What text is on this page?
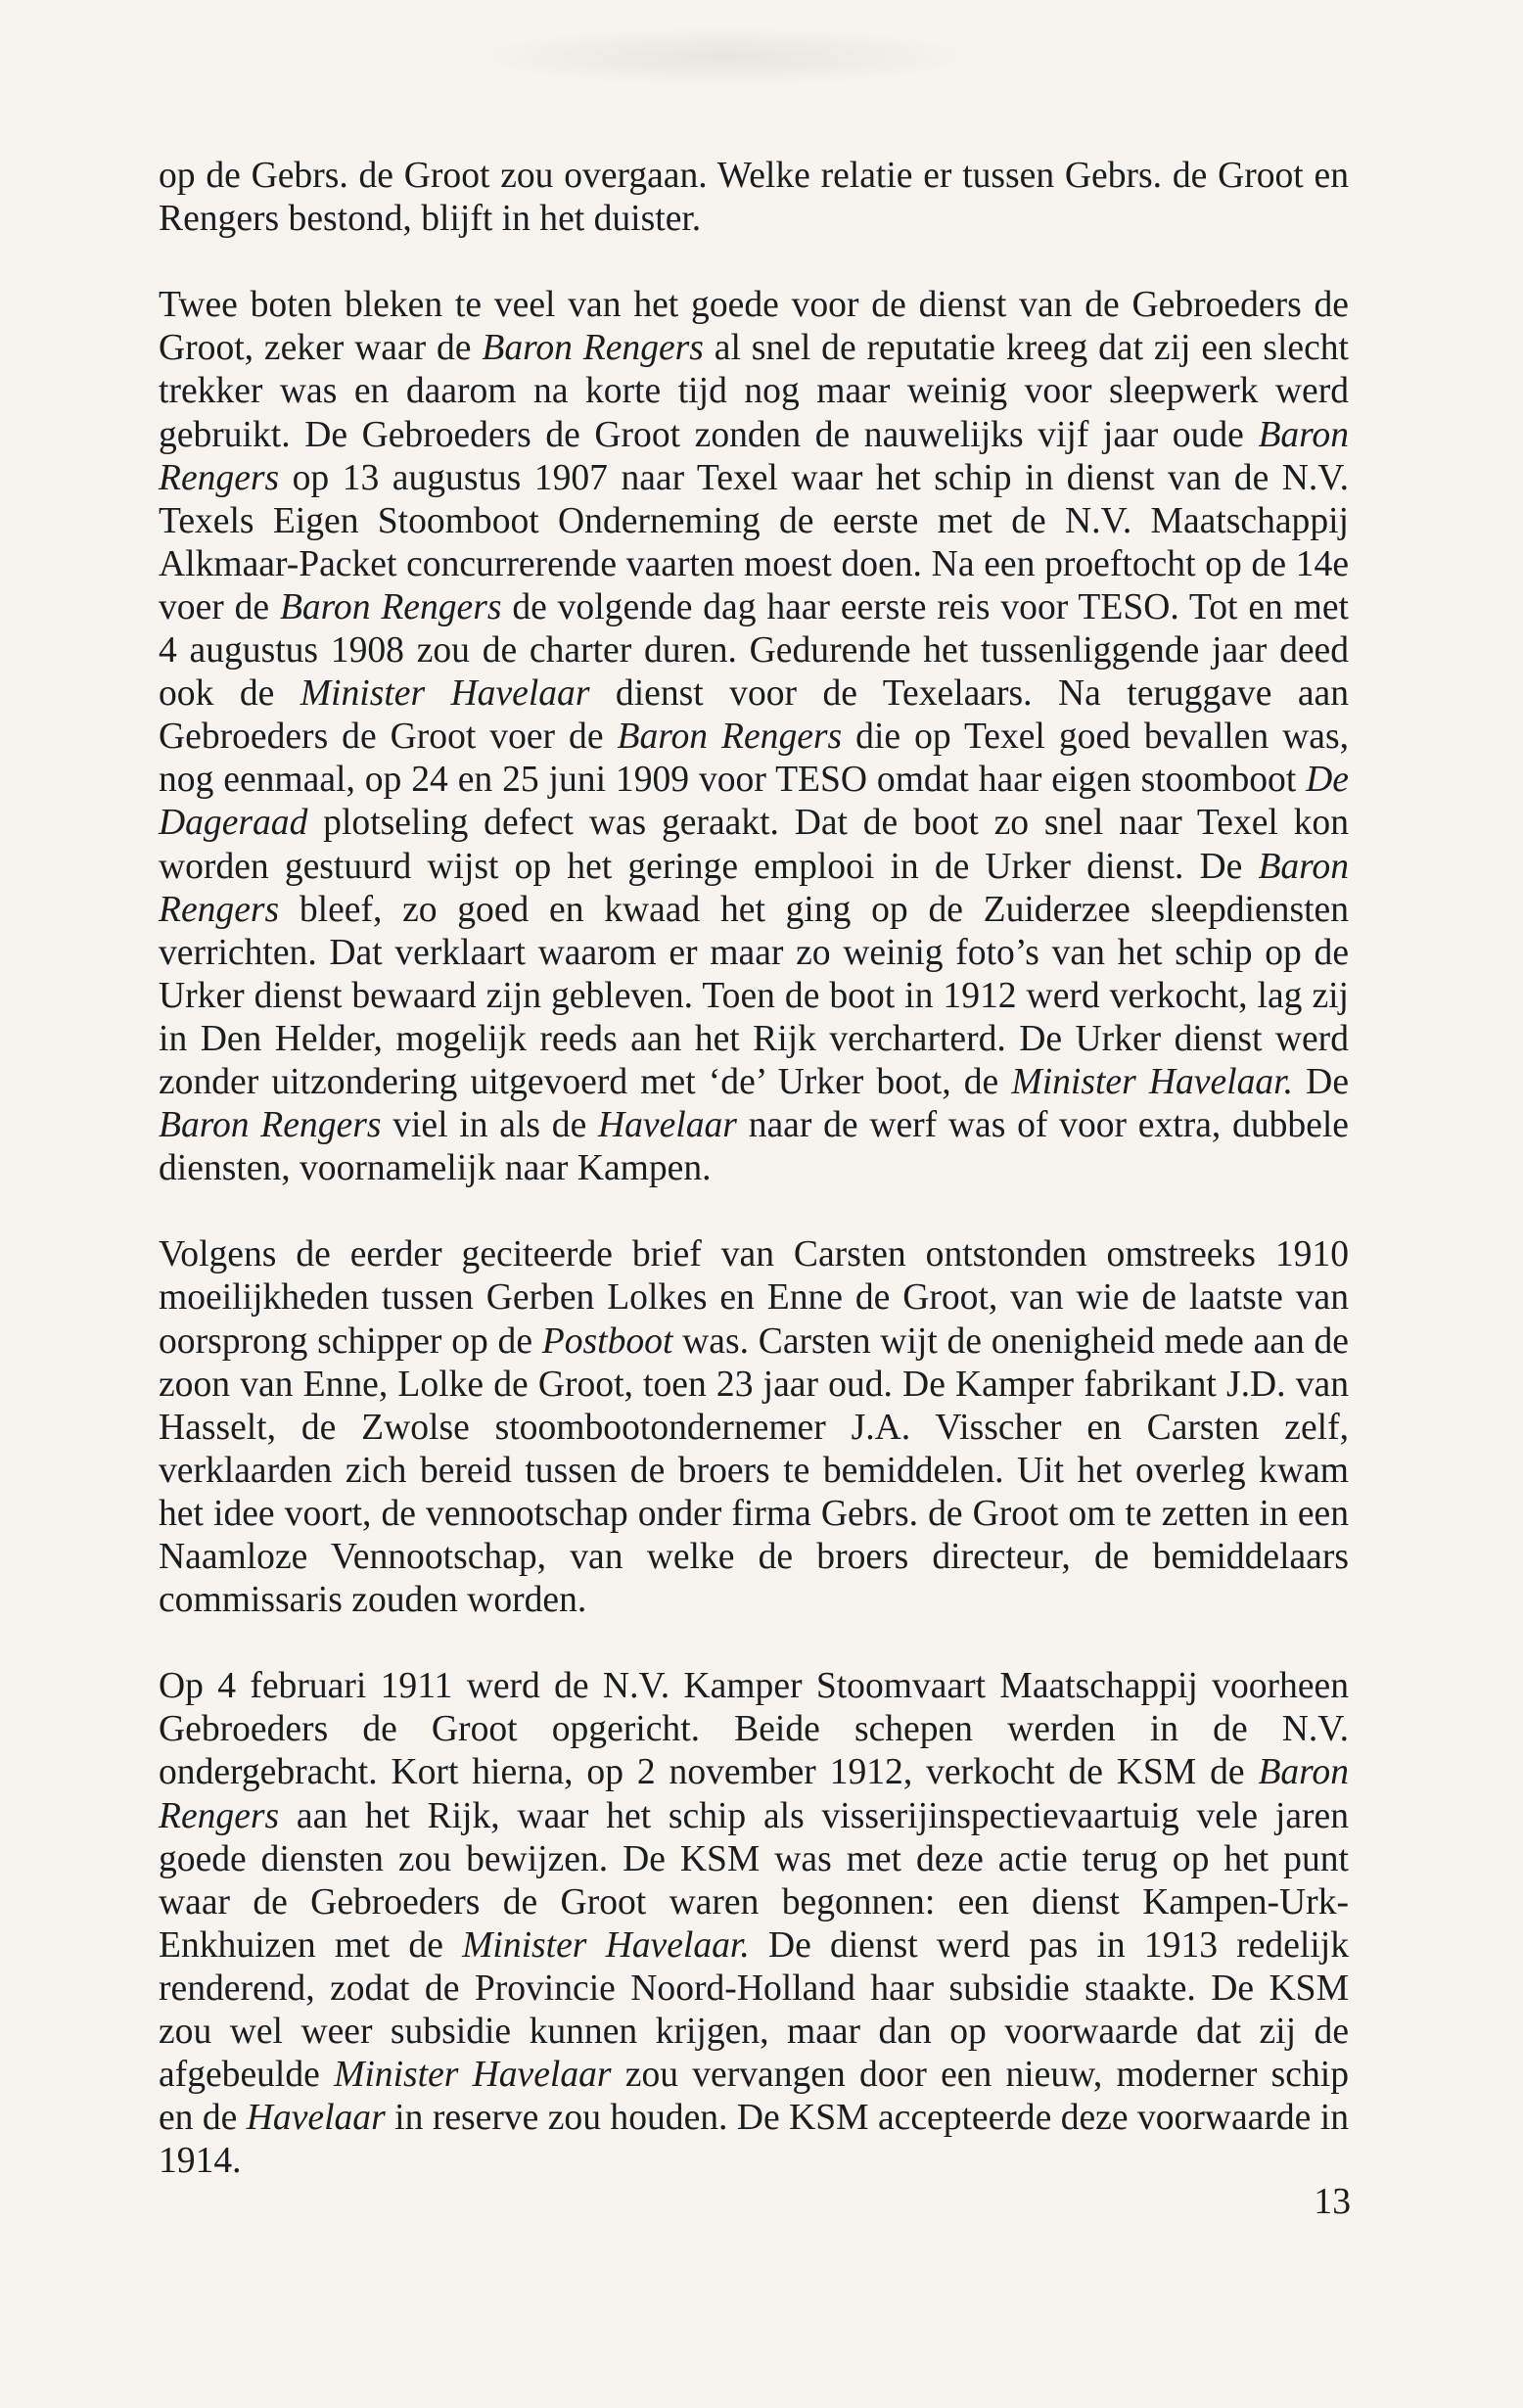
op de Gebrs. de Groot zou overgaan. Welke relatie er tussen Gebrs. de Groot en Rengers bestond, blijft in het duister.

Twee boten bleken te veel van het goede voor de dienst van de Gebroeders de Groot, zeker waar de Baron Rengers al snel de reputatie kreeg dat zij een slecht trekker was en daarom na korte tijd nog maar weinig voor sleepwerk werd gebruikt. De Gebroeders de Groot zonden de nauwelijks vijf jaar oude Baron Rengers op 13 augustus 1907 naar Texel waar het schip in dienst van de N.V. Texels Eigen Stoomboot Onderneming de eerste met de N.V. Maatschappij Alkmaar-Packet concurrerende vaarten moest doen. Na een proeftocht op de 14e voer de Baron Rengers de volgende dag haar eerste reis voor TESO. Tot en met 4 augustus 1908 zou de charter duren. Gedurende het tussenliggende jaar deed ook de Minister Havelaar dienst voor de Texelaars. Na teruggave aan Gebroeders de Groot voer de Baron Rengers die op Texel goed bevallen was, nog eenmaal, op 24 en 25 juni 1909 voor TESO omdat haar eigen stoomboot De Dageraad plotseling defect was geraakt. Dat de boot zo snel naar Texel kon worden gestuurd wijst op het geringe emplooi in de Urker dienst. De Baron Rengers bleef, zo goed en kwaad het ging op de Zuiderzee sleepdiensten verrichten. Dat verklaart waarom er maar zo weinig foto’s van het schip op de Urker dienst bewaard zijn gebleven. Toen de boot in 1912 werd verkocht, lag zij in Den Helder, mogelijk reeds aan het Rijk vercharterd. De Urker dienst werd zonder uitzondering uitgevoerd met ‘de’ Urker boot, de Minister Havelaar. De Baron Rengers viel in als de Havelaar naar de werf was of voor extra, dubbele diensten, voornamelijk naar Kampen.

Volgens de eerder geciteerde brief van Carsten ontstonden omstreeks 1910 moeilijkheden tussen Gerben Lolkes en Enne de Groot, van wie de laatste van oorsprong schipper op de Postboot was. Carsten wijt de onenigheid mede aan de zoon van Enne, Lolke de Groot, toen 23 jaar oud. De Kamper fabrikant J.D. van Hasselt, de Zwolse stoombootondernemer J.A. Visscher en Carsten zelf, verklaarden zich bereid tussen de broers te bemiddelen. Uit het overleg kwam het idee voort, de vennootschap onder firma Gebrs. de Groot om te zetten in een Naamloze Vennootschap, van welke de broers directeur, de bemiddelaars commissaris zouden worden.

Op 4 februari 1911 werd de N.V. Kamper Stoomvaart Maatschappij voorheen Gebroeders de Groot opgericht. Beide schepen werden in de N.V. ondergebracht. Kort hierna, op 2 november 1912, verkocht de KSM de Baron Rengers aan het Rijk, waar het schip als visserijinspectievaartuig vele jaren goede diensten zou bewijzen. De KSM was met deze actie terug op het punt waar de Gebroeders de Groot waren begonnen: een dienst Kampen-Urk-Enkhuizen met de Minister Havelaar. De dienst werd pas in 1913 redelijk renderend, zodat de Provincie Noord-Holland haar subsidie staakte. De KSM zou wel weer subsidie kunnen krijgen, maar dan op voorwaarde dat zij de afgebeulde Minister Havelaar zou vervangen door een nieuw, moderner schip en de Havelaar in reserve zou houden. De KSM accepteerde deze voorwaarde in 1914.

13
